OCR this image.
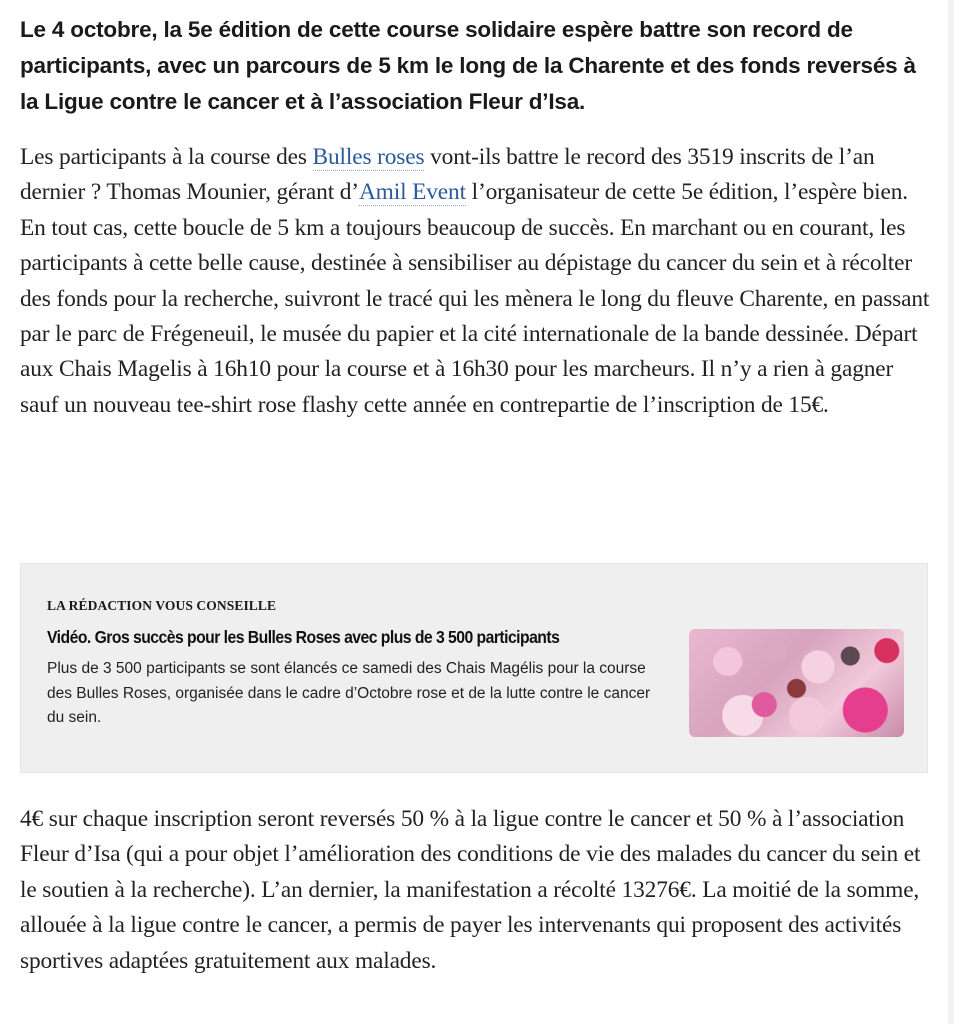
Le 4 octobre, la 5e édition de cette course solidaire espère battre son record de participants, avec un parcours de 5 km le long de la Charente et des fonds reversés à la Ligue contre le cancer et à l’association Fleur d’Isa.

Les participants à la course des Bulles roses vont-ils battre le record des 3519 inscrits de l’an dernier ? Thomas Mounier, gérant d’Amil Event l’organisateur de cette 5e édition, l’espère bien. En tout cas, cette boucle de 5 km a toujours beaucoup de succès. En marchant ou en courant, les participants à cette belle cause, destinée à sensibiliser au dépistage du cancer du sein et à récolter des fonds pour la recherche, suivront le tracé qui les mènera le long du fleuve Charente, en passant par le parc de Frégeneuil, le musée du papier et la cité internationale de la bande dessinée. Départ aux Chais Magelis à 16h10 pour la course et à 16h30 pour les marcheurs. Il n’y a rien à gagner sauf un nouveau tee-shirt rose flashy cette année en contrepartie de l’inscription de 15€.

LA RÉDACTION VOUS CONSEILLE
Vidéo. Gros succès pour les Bulles Roses avec plus de 3 500 participants
Plus de 3 500 participants se sont élancés ce samedi des Chais Magélis pour la course des Bulles Roses, organisée dans le cadre d’Octobre rose et de la lutte contre le cancer du sein.

4€ sur chaque inscription seront reversés 50 % à la ligue contre le cancer et 50 % à l’association Fleur d’Isa (qui a pour objet l’amélioration des conditions de vie des malades du cancer du sein et le soutien à la recherche). L’an dernier, la manifestation a récolté 13276€. La moitié de la somme, allouée à la ligue contre le cancer, a permis de payer les intervenants qui proposent des activités sportives adaptées gratuitement aux malades.
